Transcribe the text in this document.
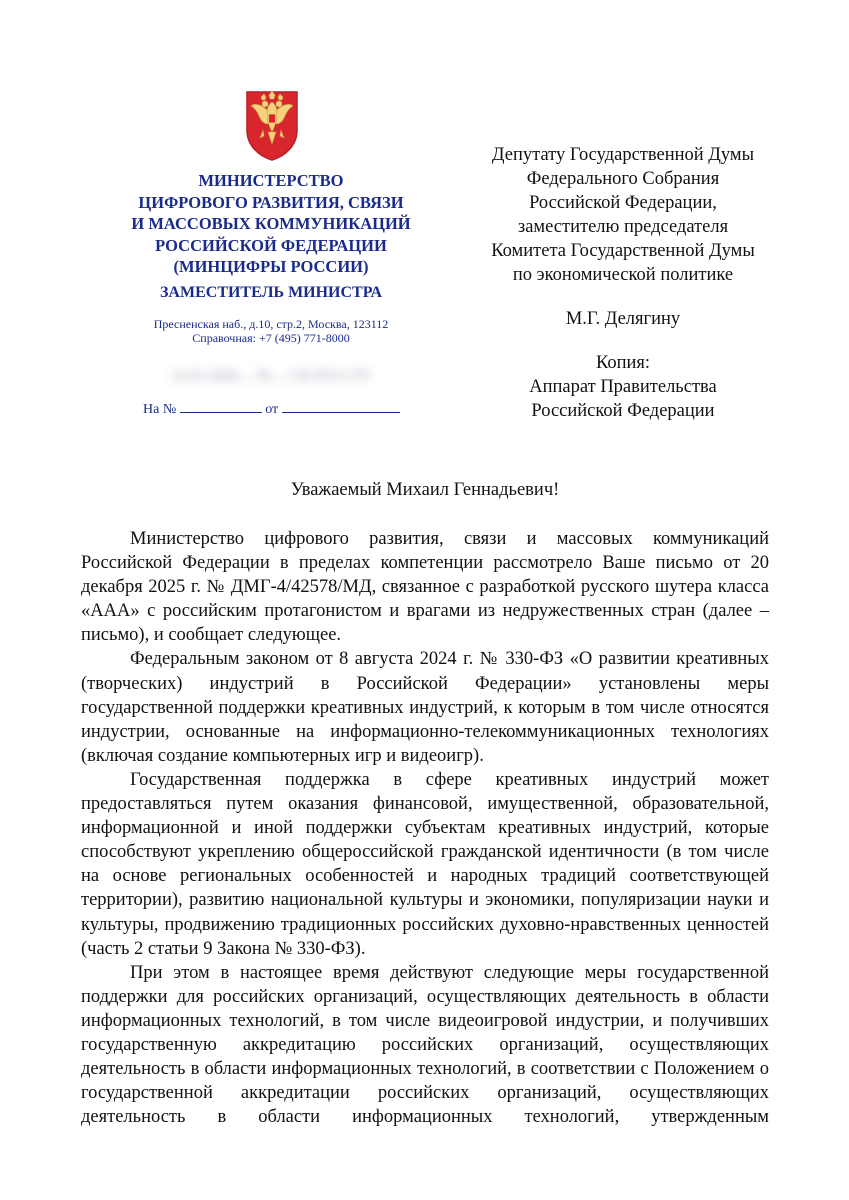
МИНИСТЕРСТВО
ЦИФРОВОГО РАЗВИТИЯ, СВЯЗИ
И МАССОВЫХ КОММУНИКАЦИЙ
РОССИЙСКОЙ ФЕДЕРАЦИИ
(МИНЦИФРЫ РОССИИ)
ЗАМЕСТИТЕЛЬ МИНИСТРА
Пресненская наб., д.10, стр.2, Москва, 123112
Справочная: +7 (495) 771-8000
12.01.2026 ... № ... СК-П13-179
На №	от
Депутату Государственной Думы
Федерального Собрания
Российской Федерации,
заместителю председателя
Комитета Государственной Думы
по экономической политике
М.Г. Делягину
Копия:
Аппарат Правительства
Российской Федерации
Уважаемый Михаил Геннадьевич!

Министерство цифрового развития, связи и массовых коммуникаций Российской Федерации в пределах компетенции рассмотрело Ваше письмо от 20 декабря 2025 г. № ДМГ-4/42578/МД, связанное с разработкой русского шутера класса «ААА» с российским протагонистом и врагами из недружественных стран (далее – письмо), и сообщает следующее.

Федеральным законом от 8 августа 2024 г. № 330-ФЗ «О развитии креативных (творческих) индустрий в Российской Федерации» установлены меры государственной поддержки креативных индустрий, к которым в том числе относятся индустрии, основанные на информационно-телекоммуникационных технологиях (включая создание компьютерных игр и видеоигр).

Государственная поддержка в сфере креативных индустрий может предоставляться путем оказания финансовой, имущественной, образовательной, информационной и иной поддержки субъектам креативных индустрий, которые способствуют укреплению общероссийской гражданской идентичности (в том числе на основе региональных особенностей и народных традиций соответствующей территории), развитию национальной культуры и экономики, популяризации науки и культуры, продвижению традиционных российских духовно-нравственных ценностей (часть 2 статьи 9 Закона № 330-ФЗ).

При этом в настоящее время действуют следующие меры государственной поддержки для российских организаций, осуществляющих деятельность в области информационных технологий, в том числе видеоигровой индустрии, и получивших государственную аккредитацию российских организаций, осуществляющих деятельность в области информационных технологий, в соответствии с Положением о государственной аккредитации российских организаций, осуществляющих деятельность в области информационных технологий, утвержденным
